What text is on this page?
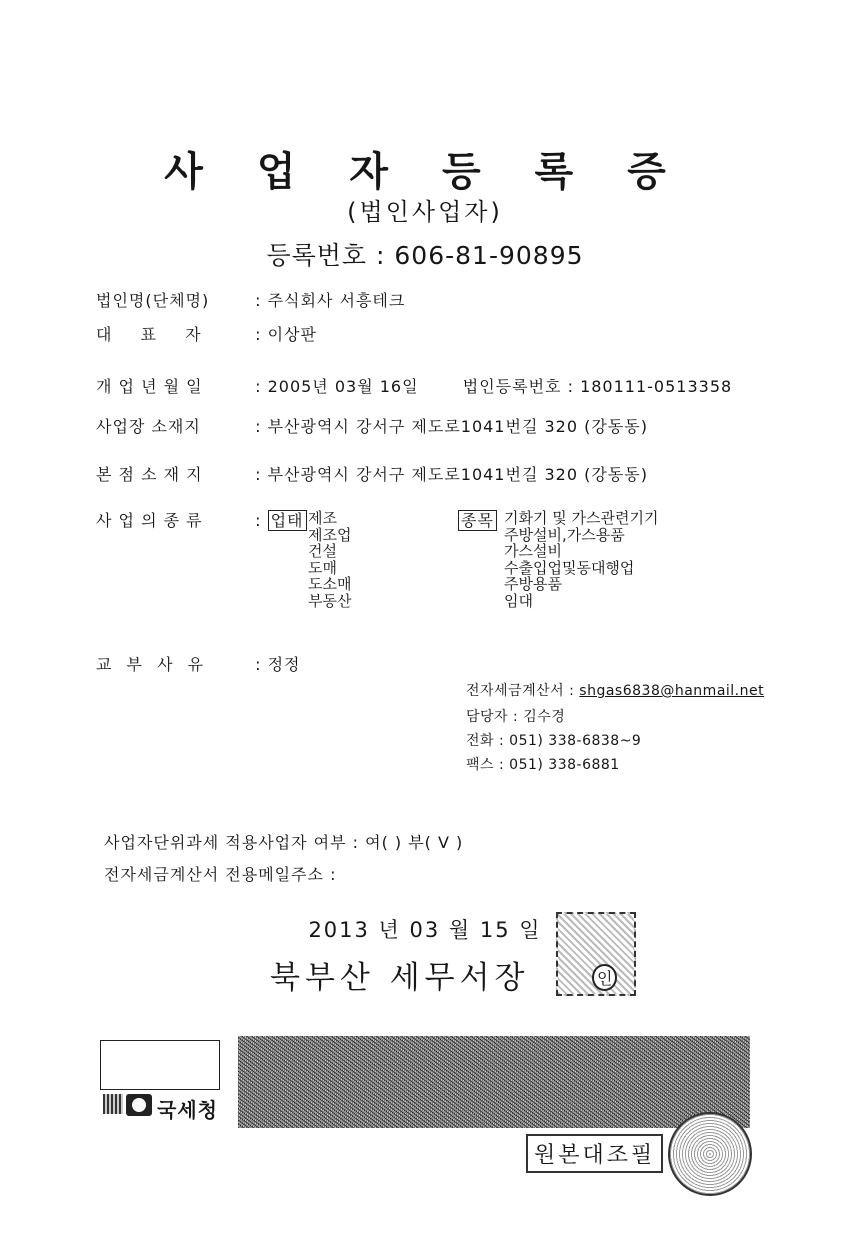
사 업 자 등 록 증
(법인사업자)
등록번호 : 606-81-90895
법인명(단체명)	: 주식회사 서흥테크
대 표 자	: 이상판
개 업 년 월 일	: 2005년 03월 16일	법인등록번호 : 180111-0513358
사업장 소재지	: 부산광역시 강서구 제도로1041번길 320 (강동동)
본 점 소 재 지	: 부산광역시 강서구 제도로1041번길 320 (강동동)
사 업 의 종 류	: 업태 제조
제조업
건설
도매
도소매
부동산
종목 기화기 및 가스관련기기
주방설비,가스용품
가스설비
수출입업및동대행업
주방용품
임대
교 부 사 유	: 정정
전자세금계산서 : shgas6838@hanmail.net
담당자 : 김수경
전화 : 051) 338-6838~9
팩스 : 051) 338-6881
사업자단위과세 적용사업자 여부 : 여( ) 부( V )
전자세금계산서 전용메일주소 :
2013 년 03 월 15 일
북부산 세무서장	인
국세청
원본대조필
